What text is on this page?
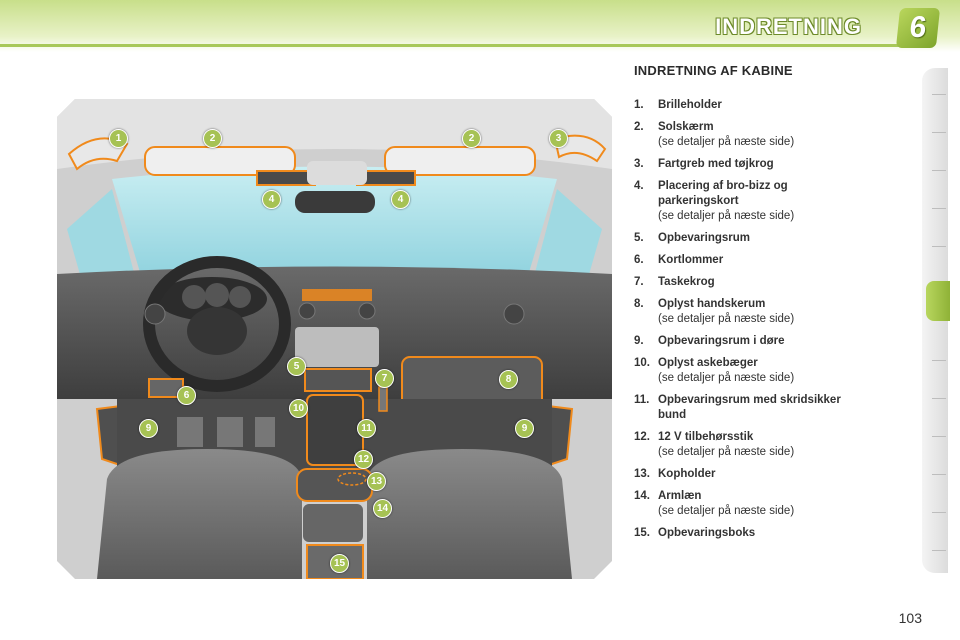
INDRETNING	6
1	2	2	3
4	4
5
6
7	8
9	9
10
11
12
13
14
15
INDRETNING AF KABINE
1. Brilleholder
2. Solskærm
(se detaljer på næste side)
3. Fartgreb med tøjkrog
4. Placering af bro-bizz og parkeringskort
(se detaljer på næste side)
5. Opbevaringsrum
6. Kortlommer
7. Taskekrog
8. Oplyst handskerum
(se detaljer på næste side)
9. Opbevaringsrum i døre
10. Oplyst askebæger
(se detaljer på næste side)
11. Opbevaringsrum med skridsikker bund
12. 12 V tilbehørsstik
(se detaljer på næste side)
13. Kopholder
14. Armlæn
(se detaljer på næste side)
15. Opbevaringsboks
103
